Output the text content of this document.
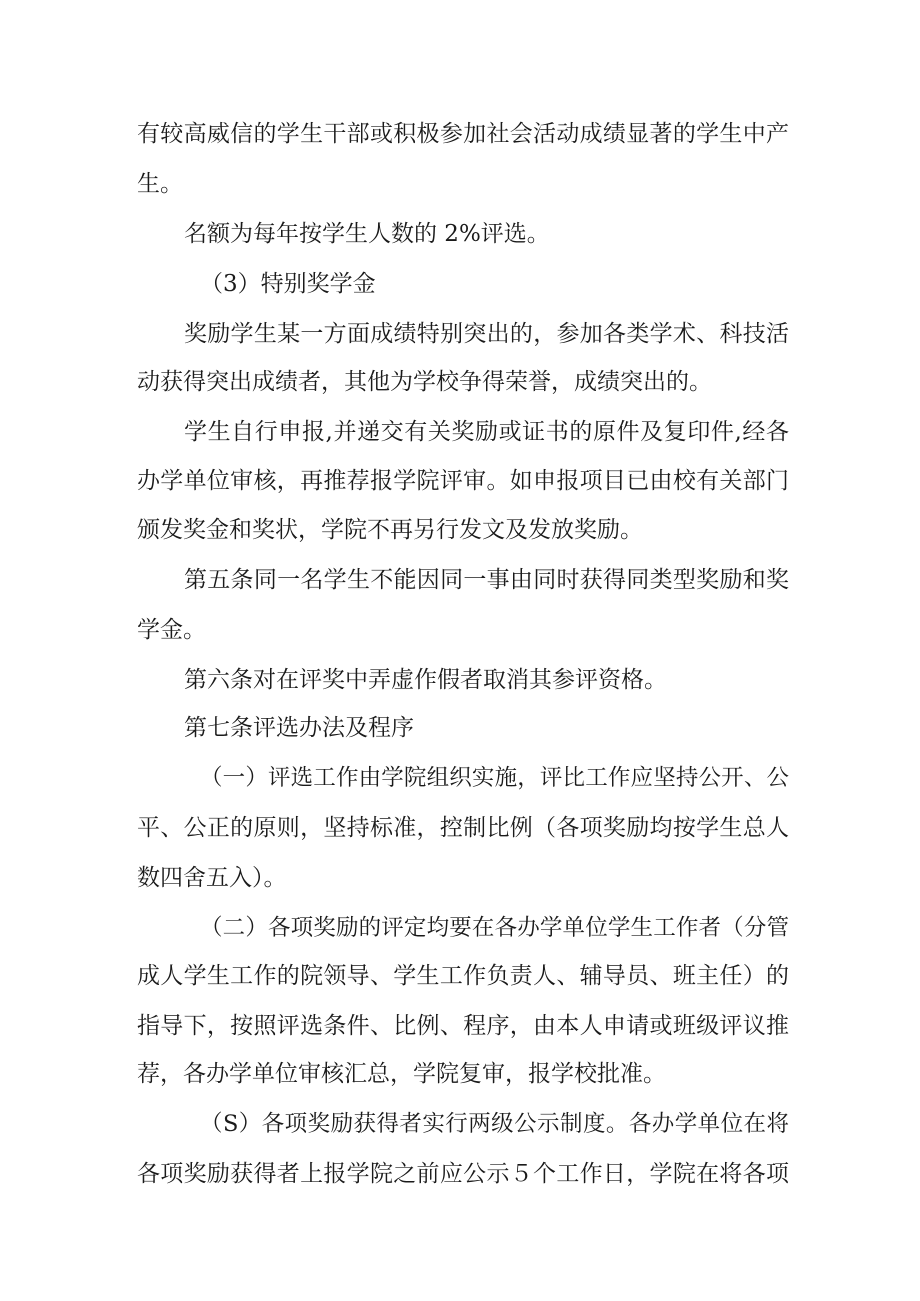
有较高威信的学生干部或积极参加社会活动成绩显著的学生中产
生。
名额为每年按学生人数的 2%评选。
（3）特别奖学金
奖励学生某一方面成绩特别突出的，参加各类学术、科技活
动获得突出成绩者，其他为学校争得荣誉，成绩突出的。
学生自行申报,并递交有关奖励或证书的原件及复印件,经各
办学单位审核，再推荐报学院评审。如申报项目已由校有关部门
颁发奖金和奖状，学院不再另行发文及发放奖励。
第五条同一名学生不能因同一事由同时获得同类型奖励和奖
学金。
第六条对在评奖中弄虚作假者取消其参评资格。
第七条评选办法及程序
（一）评选工作由学院组织实施，评比工作应坚持公开、公
平、公正的原则，坚持标准，控制比例（各项奖励均按学生总人
数四舍五入）。
（二）各项奖励的评定均要在各办学单位学生工作者（分管
成人学生工作的院领导、学生工作负责人、辅导员、班主任）的
指导下，按照评选条件、比例、程序，由本人申请或班级评议推
荐，各办学单位审核汇总，学院复审，报学校批准。
（S）各项奖励获得者实行两级公示制度。各办学单位在将
各项奖励获得者上报学院之前应公示５个工作日，学院在将各项
